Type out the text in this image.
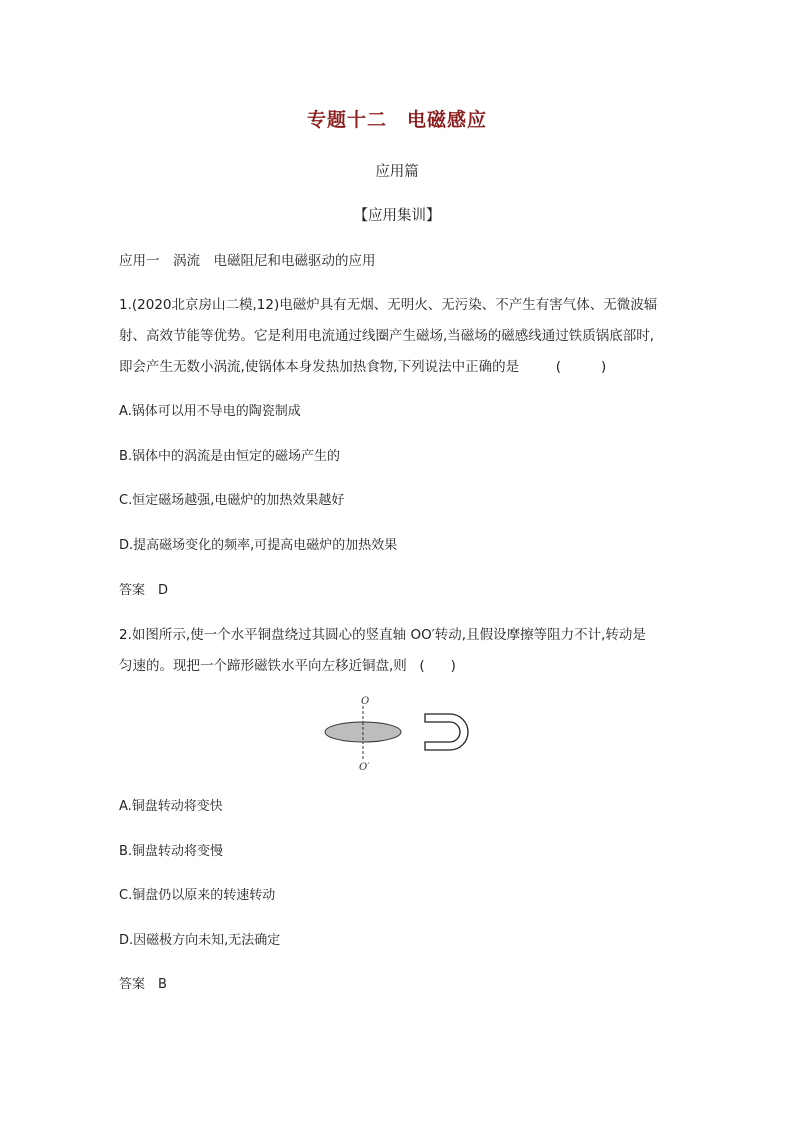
专题十二　电磁感应
应用篇
【应用集训】
应用一　涡流　电磁阻尼和电磁驱动的应用
1.(2020北京房山二模,12)电磁炉具有无烟、无明火、无污染、不产生有害气体、无微波辐
射、高效节能等优势。它是利用电流通过线圈产生磁场,当磁场的磁感线通过铁质锅底部时,
即会产生无数小涡流,使锅体本身发热加热食物,下列说法中正确的是	(	)
A.锅体可以用不导电的陶瓷制成
B.锅体中的涡流是由恒定的磁场产生的
C.恒定磁场越强,电磁炉的加热效果越好
D.提高磁场变化的频率,可提高电磁炉的加热效果
答案　D
2.如图所示,使一个水平铜盘绕过其圆心的竖直轴 OO′转动,且假设摩擦等阻力不计,转动是
匀速的。现把一个蹄形磁铁水平向左移近铜盘,则 ( )
O
O′
A.铜盘转动将变快
B.铜盘转动将变慢
C.铜盘仍以原来的转速转动
D.因磁极方向未知,无法确定
答案　B
